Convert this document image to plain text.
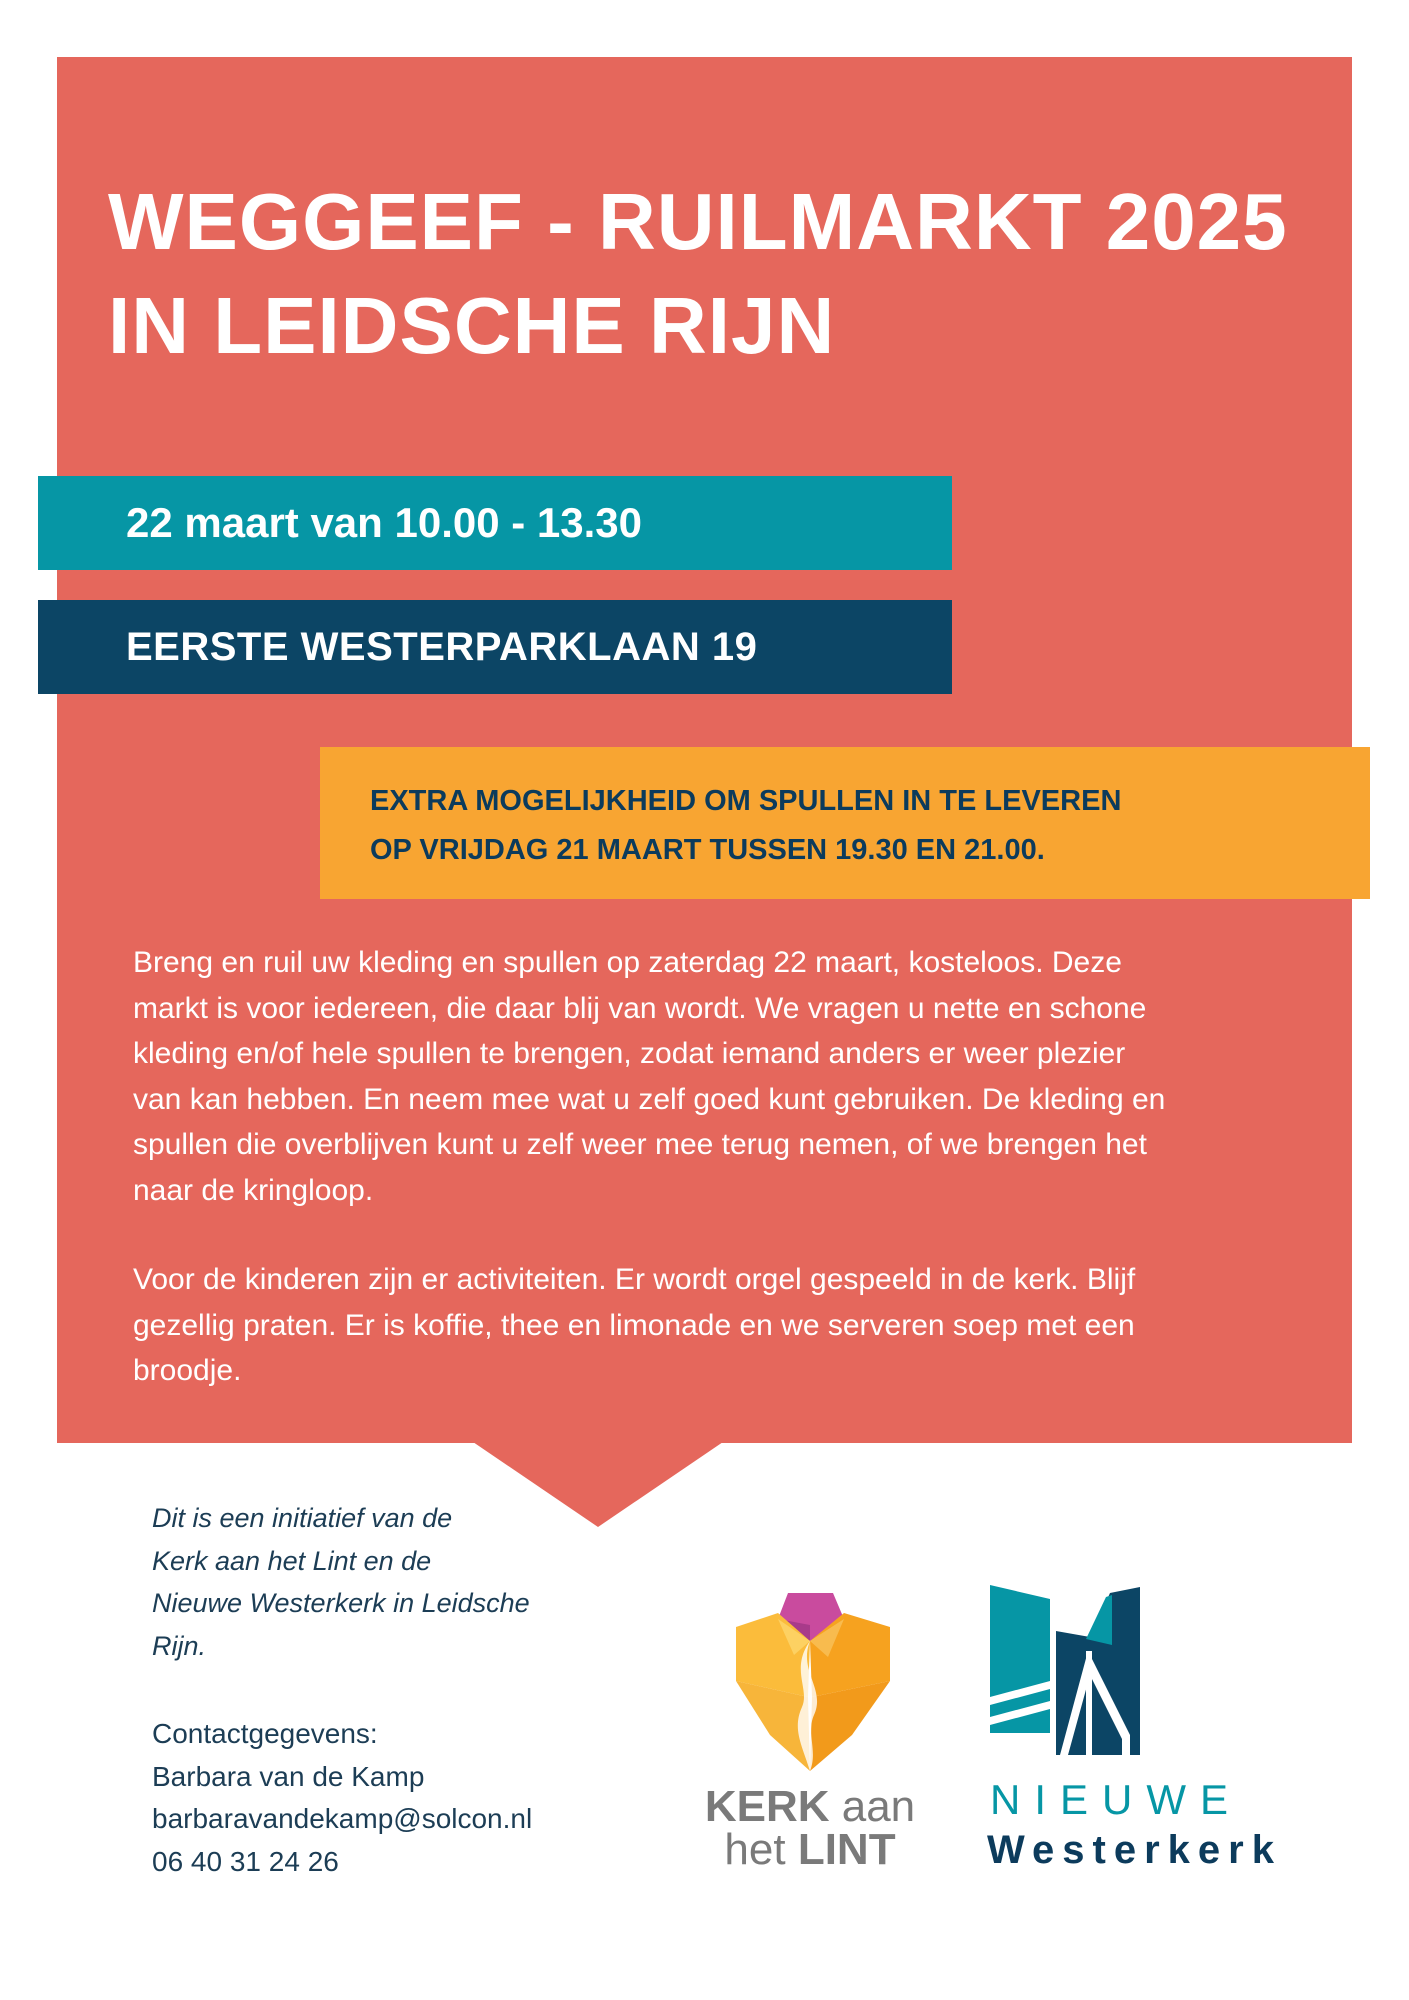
WEGGEEF - RUILMARKT 2025
IN LEIDSCHE RIJN
22 maart van 10.00 - 13.30
EERSTE WESTERPARKLAAN 19
EXTRA MOGELIJKHEID OM SPULLEN IN TE LEVEREN
OP VRIJDAG 21 MAART TUSSEN 19.30 EN 21.00.

Breng en ruil uw kleding en spullen op zaterdag 22 maart, kosteloos. Deze
markt is voor iedereen, die daar blij van wordt. We vragen u nette en schone
kleding en/of hele spullen te brengen, zodat iemand anders er weer plezier
van kan hebben. En neem mee wat u zelf goed kunt gebruiken. De kleding en
spullen die overblijven kunt u zelf weer mee terug nemen, of we brengen het
naar de kringloop.

Voor de kinderen zijn er activiteiten. Er wordt orgel gespeeld in de kerk. Blijf
gezellig praten. Er is koffie, thee en limonade en we serveren soep met een
broodje.

Dit is een initiatief van de
Kerk aan het Lint en de
Nieuwe Westerkerk in Leidsche
Rijn.

Contactgegevens:
Barbara van de Kamp
barbaravandekamp@solcon.nl
06 40 31 24 26

KERK aan
het LINT
NIEUWE
Westerkerk
